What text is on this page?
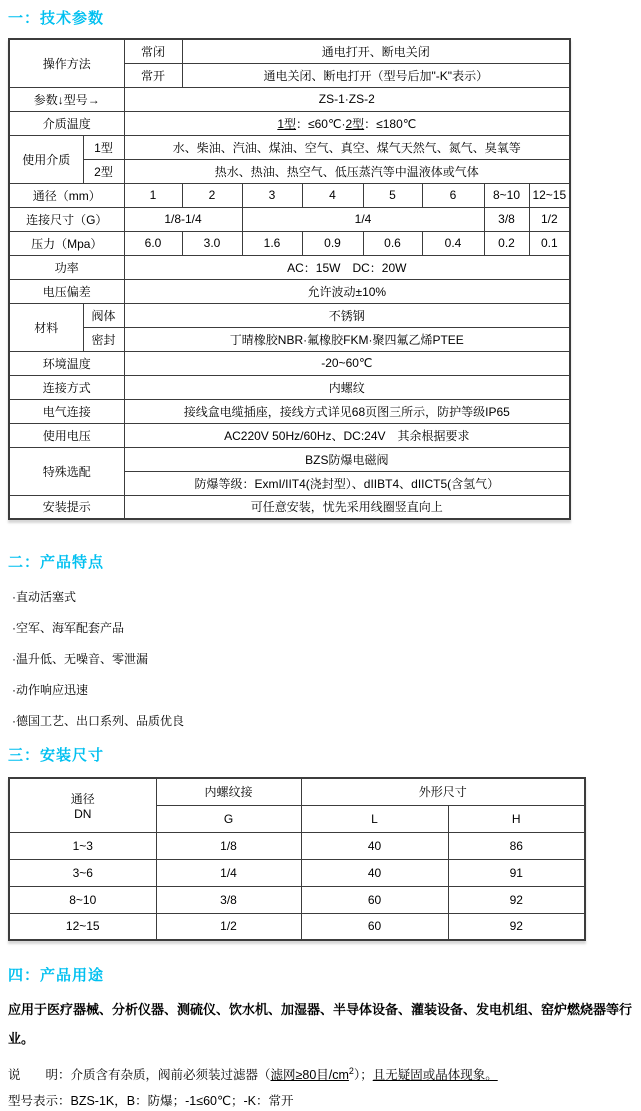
一：技术参数
操作方法		常闭	通电打开、断电关闭						
		常开	通电关闭、断电打开（型号后加"-K"表示）						
参数↓型号→		ZS-1·ZS-2							
介质温度		1型：≤60℃·2型：≤180℃							
使用介质	1型	水、柴油、汽油、煤油、空气、真空、煤气天然气、氮气、臭氧等							
	2型	热水、热油、热空气、低压蒸汽等中温液体或气体							
通径（mm）		1	2	3	4	5	6	8~10	12~15
连接尺寸（G）		1/8-1/4		1/4				3/8	1/2
压力（Mpa）		6.0	3.0	1.6	0.9	0.6	0.4	0.2	0.1
功率		AC：15W　DC：20W							
电压偏差		允许波动±10%							
材料	阀体	不锈钢							
	密封	丁晴橡胶NBR·氟橡胶FKM·聚四氟乙烯PTEE							
环境温度		-20~60℃							
连接方式		内螺纹							
电气连接		接线盒电缆插座，接线方式详见68页图三所示，防护等级IP65							
使用电压		AC220V 50Hz/60Hz、DC:24V　其余根据要求							
特殊选配		BZS防爆电磁阀							
		防爆等级：ExmI/IIT4(浇封型）、dIIBT4、dIICT5(含氢气）							
安装提示		可任意安装，忧先采用线圈竖直向上							
二：产品特点
·直动活塞式
·空军、海军配套产品
·温升低、无噪音、零泄漏
·动作响应迅速
·德国工艺、出口系列、品质优良
三：安装尺寸
通径
DN	内螺纹接	外形尺寸	
	G	L	H
1~3	1/8	40	86
3~6	1/4	40	91
8~10	3/8	60	92
12~15	1/2	60	92
四：产品用途

应用于医疗器械、分析仪器、测硫仪、饮水机、加湿器、半导体设备、灌装设备、发电机组、窑炉燃烧器等行业。

说　　明：介质含有杂质，阀前必须装过滤器（滤网≥80目$/cm^2$）；且无疑固或晶体现象。

型号表示：BZS-1K，B：防爆；-1≤60℃；-K：常开
